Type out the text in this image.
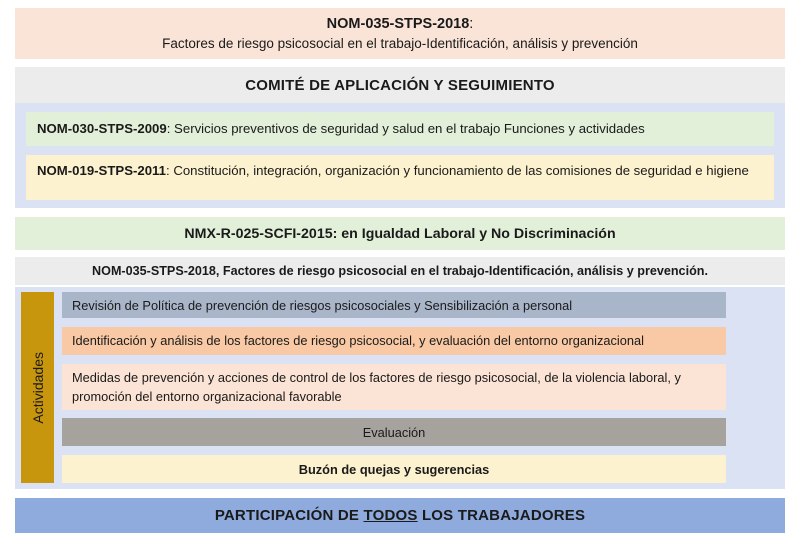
NOM-035-STPS-2018:
Factores de riesgo psicosocial en el trabajo-Identificación, análisis y prevención
COMITÉ DE APLICACIÓN Y SEGUIMIENTO
NOM-030-STPS-2009: Servicios preventivos de seguridad y salud en el trabajo Funciones y actividades
NOM-019-STPS-2011: Constitución, integración, organización y funcionamiento de las comisiones de seguridad e higiene
NMX-R-025-SCFI-2015: en Igualdad Laboral y No Discriminación
NOM-035-STPS-2018, Factores de riesgo psicosocial en el trabajo-Identificación, análisis y prevención.
Actividades
Revisión de Política de prevención de riesgos psicosociales y Sensibilización a personal
Identificación y análisis de los factores de riesgo psicosocial, y evaluación del entorno organizacional
Medidas de prevención y acciones de control de los factores de riesgo psicosocial, de la violencia laboral, y promoción del entorno organizacional favorable
Evaluación
Buzón de quejas y sugerencias
PARTICIPACIÓN DE TODOS LOS TRABAJADORES
